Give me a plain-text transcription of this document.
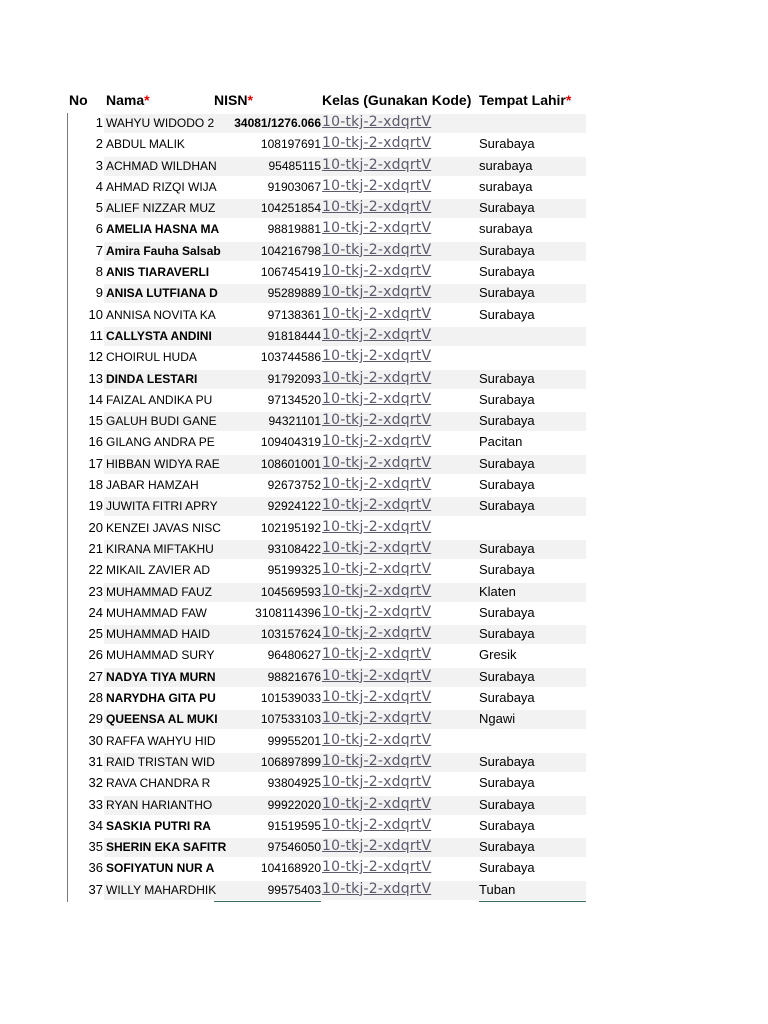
No Nama*	NISN*	Kelas (Gunakan Kode) Tempat Lahir*
1 WAHYU WIDODO 2	34081/1276.066 10-tkj-2-xdqrtV
2 ABDUL MALIK	108197691 10-tkj-2-xdqrtV	Surabaya
3 ACHMAD WILDHAN	95485115 10-tkj-2-xdqrtV	surabaya
4 AHMAD RIZQI WIJA	91903067 10-tkj-2-xdqrtV	surabaya
5 ALIEF NIZZAR MUZ	104251854 10-tkj-2-xdqrtV	Surabaya
6 AMELIA HASNA MA	98819881 10-tkj-2-xdqrtV	surabaya
7 Amira Fauha Salsab	104216798 10-tkj-2-xdqrtV	Surabaya
8 ANIS TIARAVERLI	106745419 10-tkj-2-xdqrtV	Surabaya
9 ANISA LUTFIANA D	95289889 10-tkj-2-xdqrtV	Surabaya
10 ANNISA NOVITA KA	97138361 10-tkj-2-xdqrtV	Surabaya
11 CALLYSTA ANDINI	91818444 10-tkj-2-xdqrtV
12 CHOIRUL HUDA	103744586 10-tkj-2-xdqrtV
13 DINDA LESTARI	91792093 10-tkj-2-xdqrtV	Surabaya
14 FAIZAL ANDIKA PU	97134520 10-tkj-2-xdqrtV	Surabaya
15 GALUH BUDI GANE	94321101 10-tkj-2-xdqrtV	Surabaya
16 GILANG ANDRA PE	109404319 10-tkj-2-xdqrtV	Pacitan
17 HIBBAN WIDYA RAE	108601001 10-tkj-2-xdqrtV	Surabaya
18 JABAR HAMZAH	92673752 10-tkj-2-xdqrtV	Surabaya
19 JUWITA FITRI APRY	92924122 10-tkj-2-xdqrtV	Surabaya
20 KENZEI JAVAS NISC	102195192 10-tkj-2-xdqrtV
21 KIRANA MIFTAKHU	93108422 10-tkj-2-xdqrtV	Surabaya
22 MIKAIL ZAVIER AD	95199325 10-tkj-2-xdqrtV	Surabaya
23 MUHAMMAD FAUZ	104569593 10-tkj-2-xdqrtV	Klaten
24 MUHAMMAD FAW	3108114396 10-tkj-2-xdqrtV	Surabaya
25 MUHAMMAD HAID	103157624 10-tkj-2-xdqrtV	Surabaya
26 MUHAMMAD SURY	96480627 10-tkj-2-xdqrtV	Gresik
27 NADYA TIYA MURN	98821676 10-tkj-2-xdqrtV	Surabaya
28 NARYDHA GITA PU	101539033 10-tkj-2-xdqrtV	Surabaya
29 QUEENSA AL MUKI	107533103 10-tkj-2-xdqrtV	Ngawi
30 RAFFA WAHYU HID	99955201 10-tkj-2-xdqrtV
31 RAID TRISTAN WID	106897899 10-tkj-2-xdqrtV	Surabaya
32 RAVA CHANDRA R	93804925 10-tkj-2-xdqrtV	Surabaya
33 RYAN HARIANTHO	99922020 10-tkj-2-xdqrtV	Surabaya
34 SASKIA PUTRI RA	91519595 10-tkj-2-xdqrtV	Surabaya
35 SHERIN EKA SAFITR	97546050 10-tkj-2-xdqrtV	Surabaya
36 SOFIYATUN NUR A	104168920 10-tkj-2-xdqrtV	Surabaya
37 WILLY MAHARDHIK	99575403 10-tkj-2-xdqrtV	Tuban
